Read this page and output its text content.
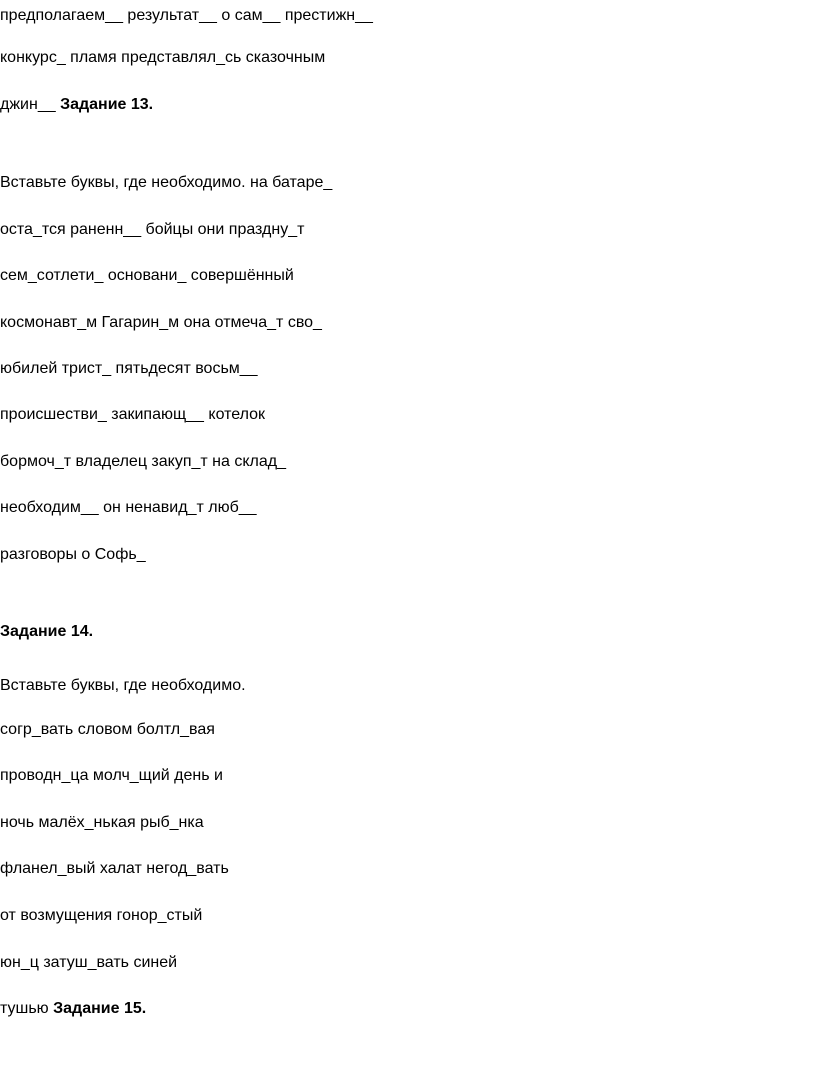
предполагаем__ результат__ о сам__ престижн__
конкурс_ пламя представлял_сь сказочным
джин__ Задание 13.
Вставьте буквы, где необходимо. на батаре_
оста_тся раненн__ бойцы они праздну_т
сем_сотлети_ основани_ совершённый
космонавт_м Гагарин_м она отмеча_т сво_
юбилей трист_ пятьдесят восьм__
происшестви_ закипающ__ котелок
бормоч_т владелец закуп_т на склад_
необходим__ он ненавид_т люб__
разговоры о Софь_
Задание 14.
Вставьте буквы, где необходимо.
согр_вать словом болтл_вая
проводн_ца молч_щий день и
ночь малёх_нькая рыб_нка
фланел_вый халат негод_вать
от возмущения гонор_стый
юн_ц затуш_вать синей
тушью Задание 15.
